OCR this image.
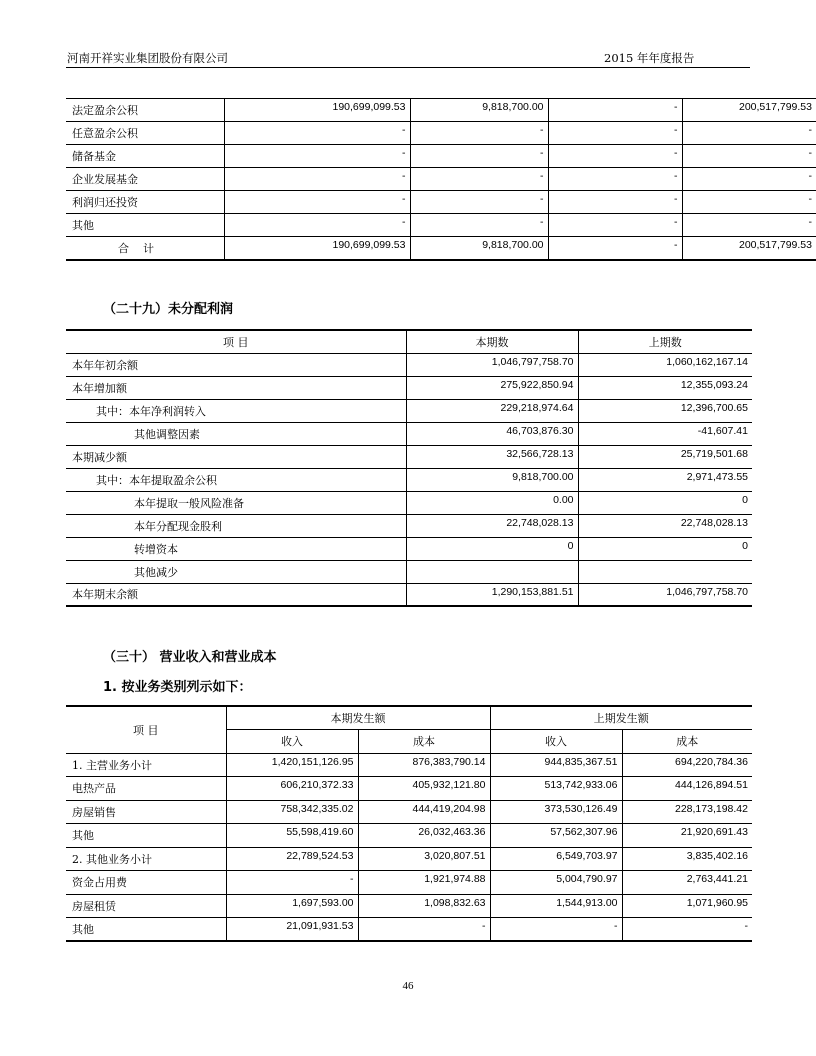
河南开祥实业集团股份有限公司	2015 年年度报告
法定盈余公积	190,699,099.53	9,818,700.00	-	200,517,799.53
任意盈余公积	-	-	-	-
储备基金	-	-	-	-
企业发展基金	-	-	-	-
利润归还投资	-	-	-	-
其他	-	-	-	-
合    计	190,699,099.53	9,818,700.00	-	200,517,799.53
（二十九）未分配利润
项 目	本期数	上期数
本年年初余额	1,046,797,758.70	1,060,162,167.14
本年增加额	275,922,850.94	12,355,093.24
其中：本年净利润转入	229,218,974.64	12,396,700.65
其他调整因素	46,703,876.30	-41,607.41
本期减少额	32,566,728.13	25,719,501.68
其中：本年提取盈余公积	9,818,700.00	2,971,473.55
本年提取一般风险准备	0.00	0
本年分配现金股利	22,748,028.13	22,748,028.13
转增资本	0	0
其他减少		
本年期末余额	1,290,153,881.51	1,046,797,758.70
（三十） 营业收入和营业成本
1. 按业务类别列示如下：
项 目	本期发生额		上期发生额	
	收入	成本	收入	成本
1. 主营业务小计	1,420,151,126.95	876,383,790.14	944,835,367.51	694,220,784.36
电热产品	606,210,372.33	405,932,121.80	513,742,933.06	444,126,894.51
房屋销售	758,342,335.02	444,419,204.98	373,530,126.49	228,173,198.42
其他	55,598,419.60	26,032,463.36	57,562,307.96	21,920,691.43
2. 其他业务小计	22,789,524.53	3,020,807.51	6,549,703.97	3,835,402.16
资金占用费	-	1,921,974.88	5,004,790.97	2,763,441.21
房屋租赁	1,697,593.00	1,098,832.63	1,544,913.00	1,071,960.95
其他	21,091,931.53	-	-	-
46
